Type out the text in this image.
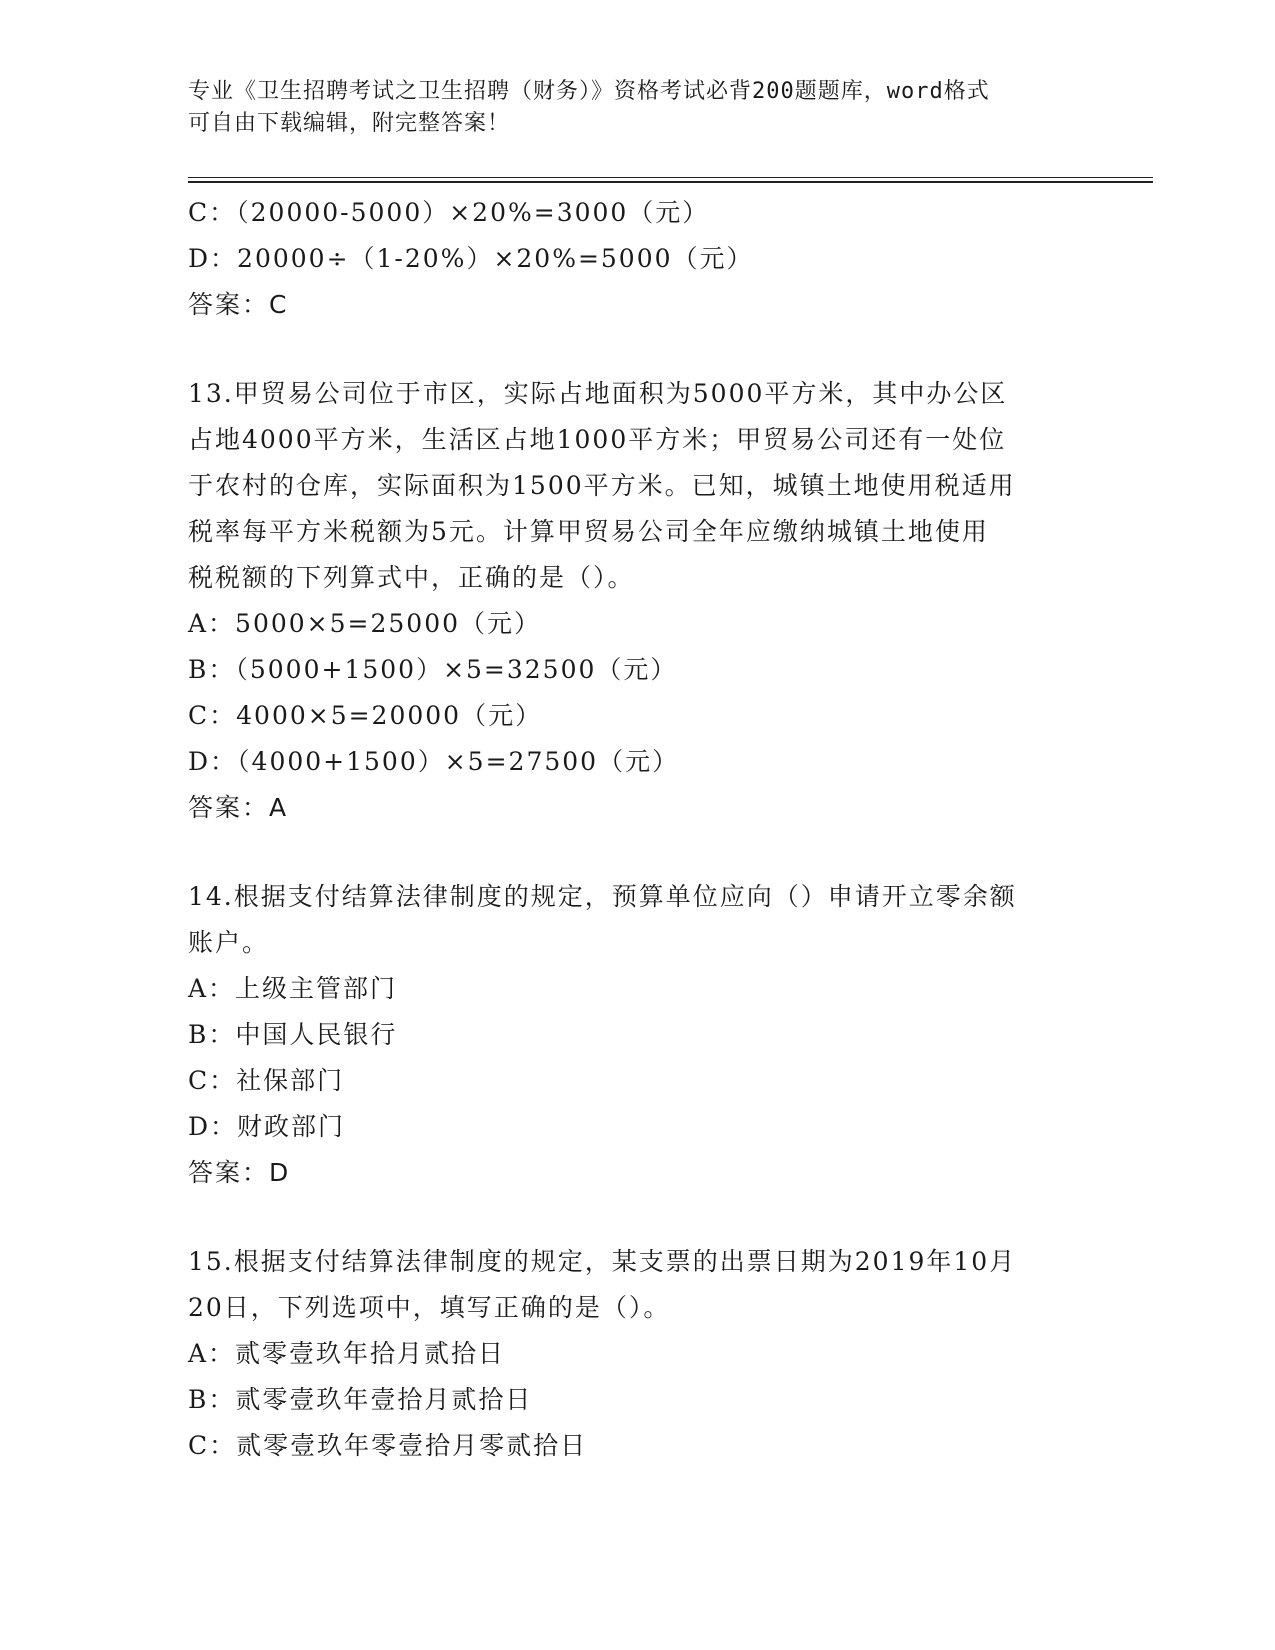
专业《卫生招聘考试之卫生招聘（财务）》资格考试必背200题题库，word格式
可自由下载编辑，附完整答案！
C：（20000-5000）×20%=3000（元）
D：20000÷（1-20%）×20%=5000（元）
答案：C
13.甲贸易公司位于市区，实际占地面积为5000平方米，其中办公区
占地4000平方米，生活区占地1000平方米；甲贸易公司还有一处位
于农村的仓库，实际面积为1500平方米。已知，城镇土地使用税适用
税率每平方米税额为5元。计算甲贸易公司全年应缴纳城镇土地使用
税税额的下列算式中，正确的是（）。
A：5000×5=25000（元）
B：（5000+1500）×5=32500（元）
C：4000×5=20000（元）
D：（4000+1500）×5=27500（元）
答案：A
14.根据支付结算法律制度的规定，预算单位应向（）申请开立零余额
账户。
A：上级主管部门
B：中国人民银行
C：社保部门
D：财政部门
答案：D
15.根据支付结算法律制度的规定，某支票的出票日期为2019年10月
20日，下列选项中，填写正确的是（）。
A：贰零壹玖年拾月贰拾日
B：贰零壹玖年壹拾月贰拾日
C：贰零壹玖年零壹拾月零贰拾日
